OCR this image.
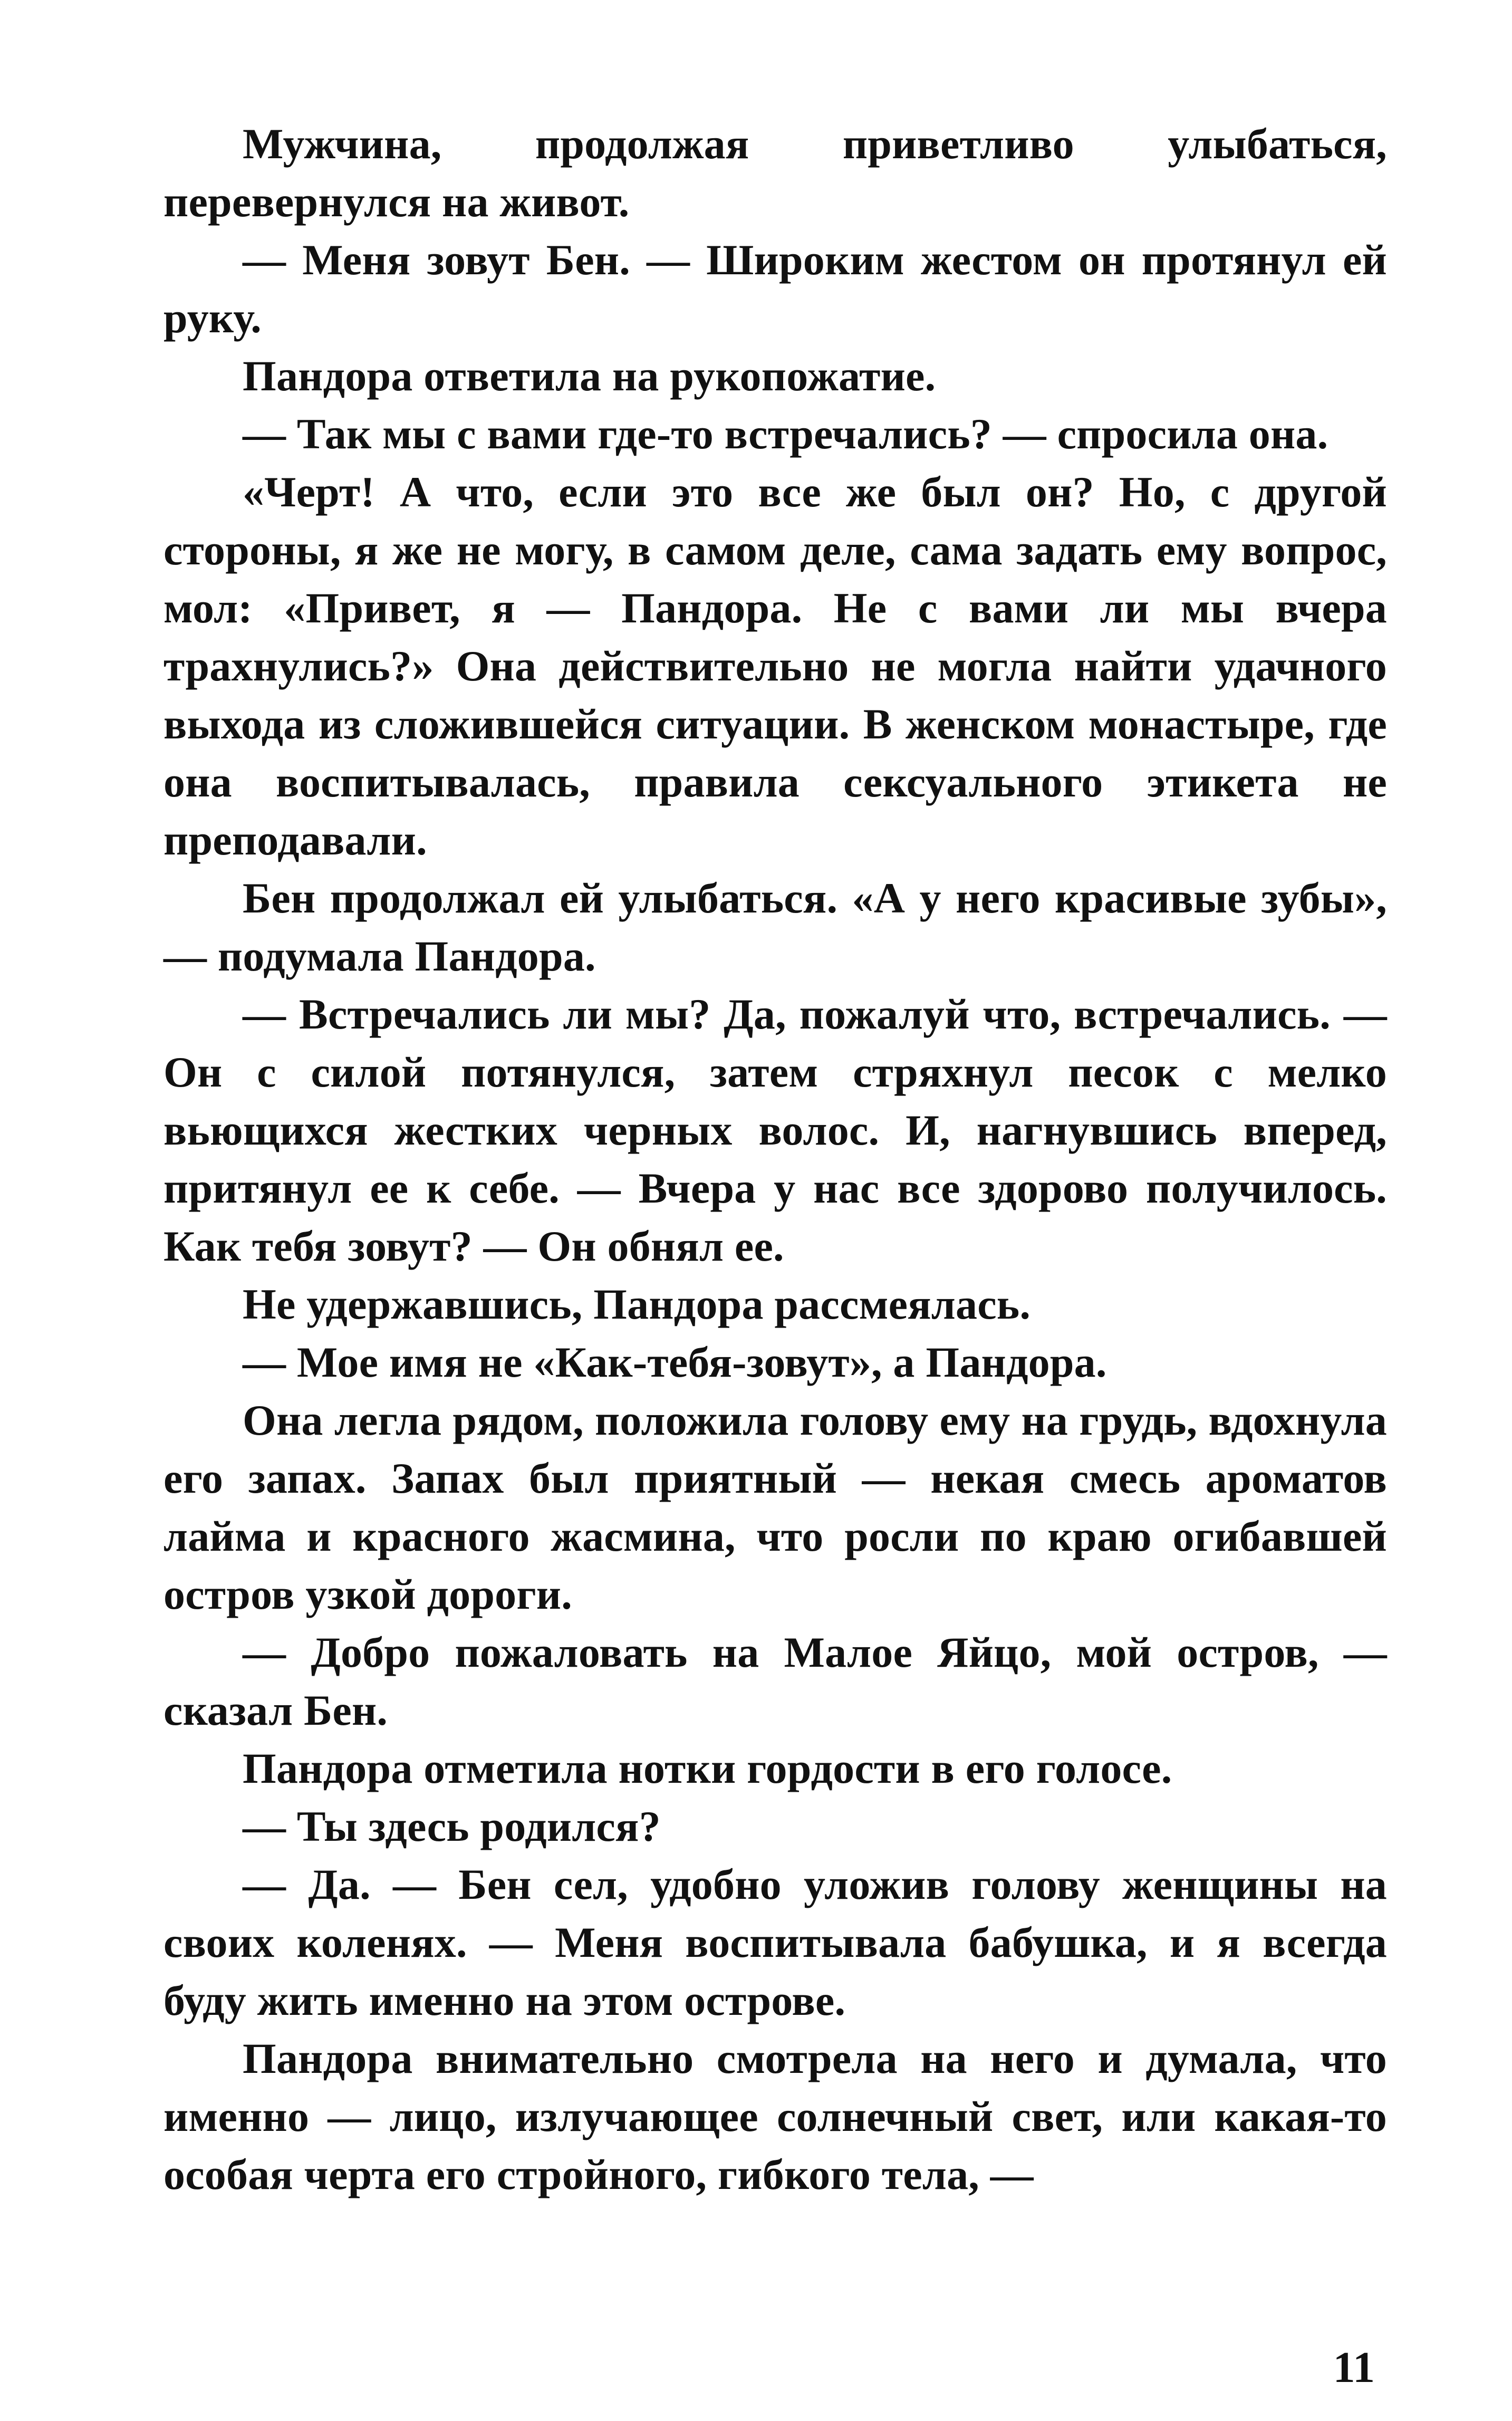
Мужчина, продолжая приветливо улыбаться, перевернулся на живот.

— Меня зовут Бен. — Широким жестом он протянул ей руку.

Пандора ответила на рукопожатие.

— Так мы с вами где-то встречались? — спросила она.

«Черт! А что, если это все же был он? Но, с другой стороны, я же не могу, в самом деле, сама задать ему вопрос, мол: «Привет, я — Пандора. Не с вами ли мы вчера трахнулись?» Она действительно не могла найти удачного выхода из сложившейся ситуации. В женском монастыре, где она воспитывалась, правила сексуального этикета не преподавали.

Бен продолжал ей улыбаться. «А у него красивые зубы», — подумала Пандора.

— Встречались ли мы? Да, пожалуй что, встречались. — Он с силой потянулся, затем стряхнул песок с мелко вьющихся жестких черных волос. И, нагнувшись вперед, притянул ее к себе. — Вчера у нас все здорово получилось. Как тебя зовут? — Он обнял ее.

Не удержавшись, Пандора рассмеялась.

— Мое имя не «Как-тебя-зовут», а Пандора.

Она легла рядом, положила голову ему на грудь, вдохнула его запах. Запах был приятный — некая смесь ароматов лайма и красного жасмина, что росли по краю огибавшей остров узкой дороги.

— Добро пожаловать на Малое Яйцо, мой остров, — сказал Бен.

Пандора отметила нотки гордости в его голосе.

— Ты здесь родился?

— Да. — Бен сел, удобно уложив голову женщины на своих коленях. — Меня воспитывала бабушка, и я всегда буду жить именно на этом острове.

Пандора внимательно смотрела на него и думала, что именно — лицо, излучающее солнечный свет, или какая-то особая черта его стройного, гибкого тела, —

11
